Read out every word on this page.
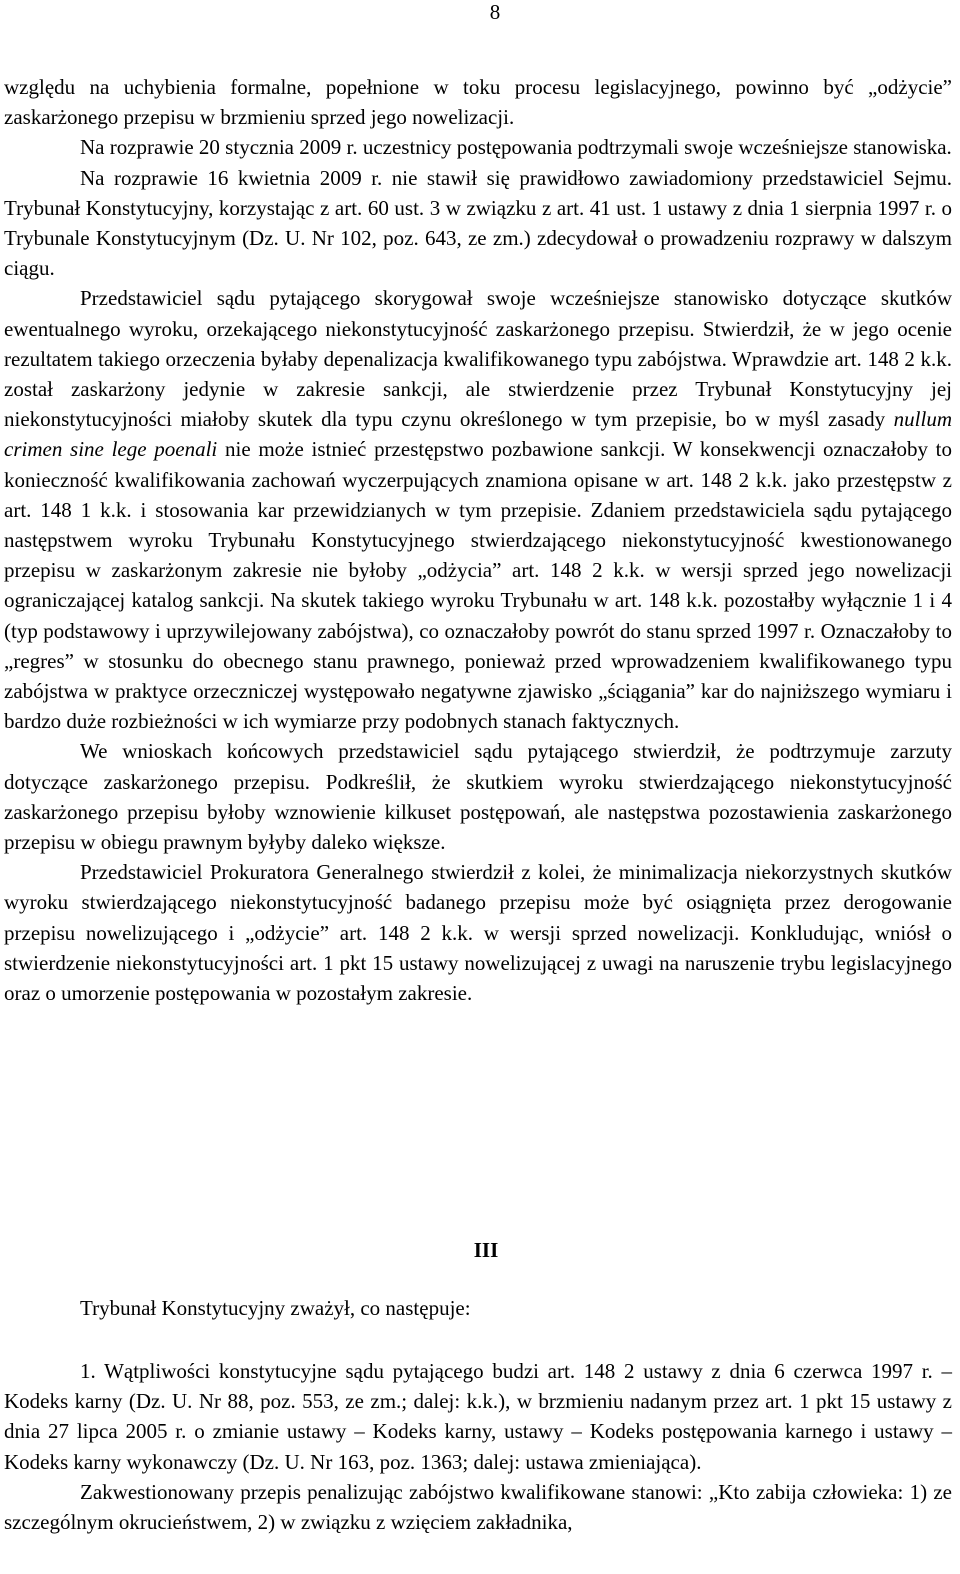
8

względu na uchybienia formalne, popełnione w toku procesu legislacyjnego, powinno być „odżycie” zaskarżonego przepisu w brzmieniu sprzed jego nowelizacji.

Na rozprawie 20 stycznia 2009 r. uczestnicy postępowania podtrzymali swoje wcześniejsze stanowiska.

Na rozprawie 16 kwietnia 2009 r. nie stawił się prawidłowo zawiadomiony przedstawiciel Sejmu. Trybunał Konstytucyjny, korzystając z art. 60 ust. 3 w związku z art. 41 ust. 1 ustawy z dnia 1 sierpnia 1997 r. o Trybunale Konstytucyjnym (Dz. U. Nr 102, poz. 643, ze zm.) zdecydował o prowadzeniu rozprawy w dalszym ciągu.

Przedstawiciel sądu pytającego skorygował swoje wcześniejsze stanowisko dotyczące skutków ewentualnego wyroku, orzekającego niekonstytucyjność zaskarżonego przepisu. Stwierdził, że w jego ocenie rezultatem takiego orzeczenia byłaby depenalizacja kwalifikowanego typu zabójstwa. Wprawdzie art. 148 2 k.k. został zaskarżony jedynie w zakresie sankcji, ale stwierdzenie przez Trybunał Konstytucyjny jej niekonstytucyjności miałoby skutek dla typu czynu określonego w tym przepisie, bo w myśl zasady nullum crimen sine lege poenali nie może istnieć przestępstwo pozbawione sankcji. W konsekwencji oznaczałoby to konieczność kwalifikowania zachowań wyczerpujących znamiona opisane w art. 148 2 k.k. jako przestępstw z art. 148 1 k.k. i stosowania kar przewidzianych w tym przepisie. Zdaniem przedstawiciela sądu pytającego następstwem wyroku Trybunału Konstytucyjnego stwierdzającego niekonstytucyjność kwestionowanego przepisu w zaskarżonym zakresie nie byłoby „odżycia” art. 148 2 k.k. w wersji sprzed jego nowelizacji ograniczającej katalog sankcji. Na skutek takiego wyroku Trybunału w art. 148 k.k. pozostałby wyłącznie 1 i 4 (typ podstawowy i uprzywilejowany zabójstwa), co oznaczałoby powrót do stanu sprzed 1997 r. Oznaczałoby to „regres” w stosunku do obecnego stanu prawnego, ponieważ przed wprowadzeniem kwalifikowanego typu zabójstwa w praktyce orzeczniczej występowało negatywne zjawisko „ściągania” kar do najniższego wymiaru i bardzo duże rozbieżności w ich wymiarze przy podobnych stanach faktycznych.

We wnioskach końcowych przedstawiciel sądu pytającego stwierdził, że podtrzymuje zarzuty dotyczące zaskarżonego przepisu. Podkreślił, że skutkiem wyroku stwierdzającego niekonstytucyjność zaskarżonego przepisu byłoby wznowienie kilkuset postępowań, ale następstwa pozostawienia zaskarżonego przepisu w obiegu prawnym byłyby daleko większe.

Przedstawiciel Prokuratora Generalnego stwierdził z kolei, że minimalizacja niekorzystnych skutków wyroku stwierdzającego niekonstytucyjność badanego przepisu może być osiągnięta przez derogowanie przepisu nowelizującego i „odżycie” art. 148 2 k.k. w wersji sprzed nowelizacji. Konkludując, wniósł o stwierdzenie niekonstytucyjności art. 1 pkt 15 ustawy nowelizującej z uwagi na naruszenie trybu legislacyjnego oraz o umorzenie postępowania w pozostałym zakresie.

III
Trybunał Konstytucyjny zważył, co następuje:

1. Wątpliwości konstytucyjne sądu pytającego budzi art. 148 2 ustawy z dnia 6 czerwca 1997 r. – Kodeks karny (Dz. U. Nr 88, poz. 553, ze zm.; dalej: k.k.), w brzmieniu nadanym przez art. 1 pkt 15 ustawy z dnia 27 lipca 2005 r. o zmianie ustawy – Kodeks karny, ustawy – Kodeks postępowania karnego i ustawy – Kodeks karny wykonawczy (Dz. U. Nr 163, poz. 1363; dalej: ustawa zmieniająca).

Zakwestionowany przepis penalizując zabójstwo kwalifikowane stanowi: „Kto zabija człowieka: 1) ze szczególnym okrucieństwem, 2) w związku z wzięciem zakładnika,
